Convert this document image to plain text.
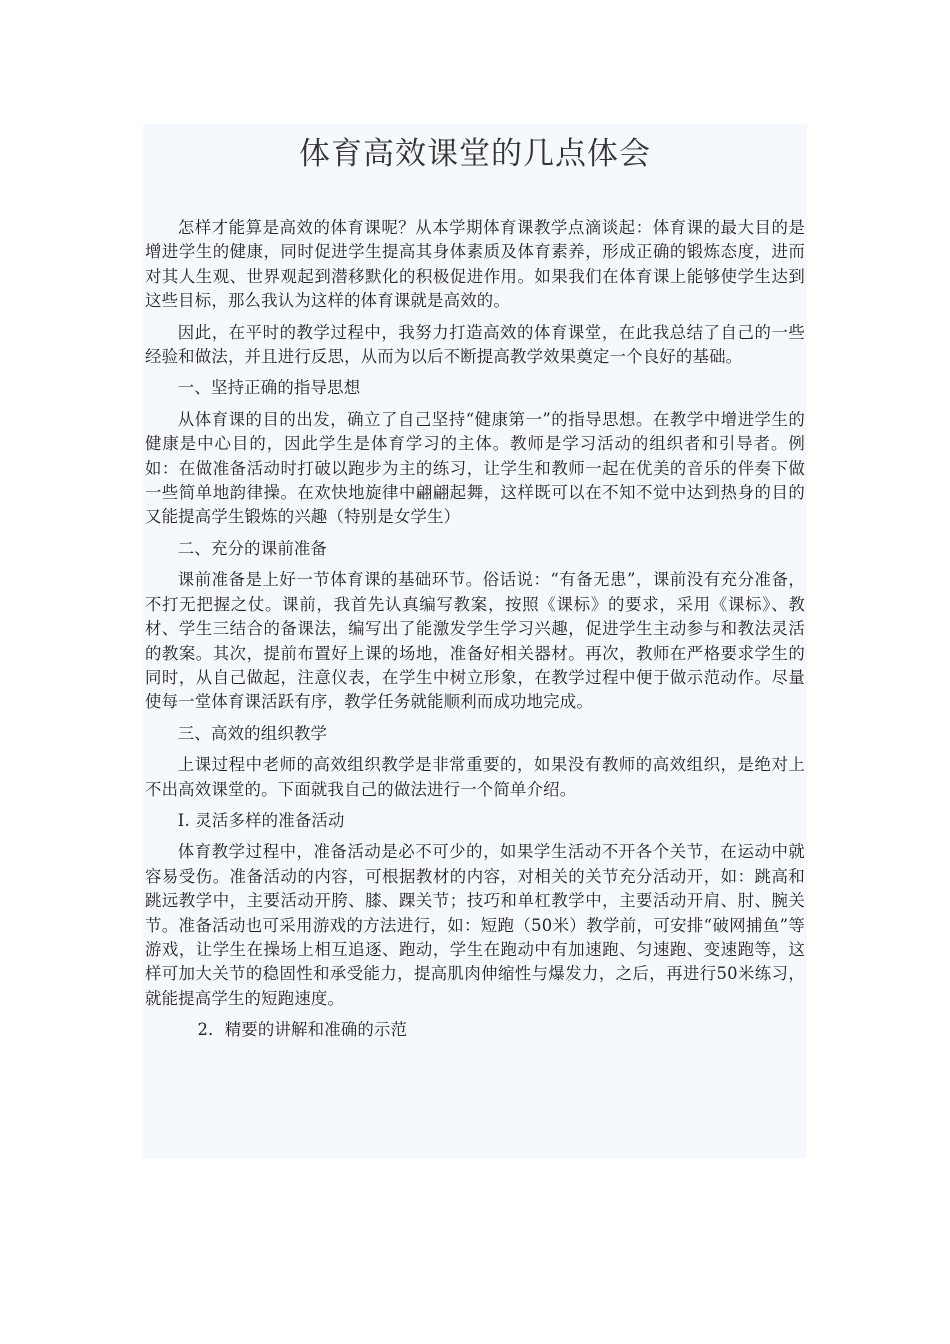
体育高效课堂的几点体会

怎样才能算是高效的体育课呢？从本学期体育课教学点滴谈起：体育课的最大目的是增进学生的健康，同时促进学生提高其身体素质及体育素养，形成正确的锻炼态度，进而对其人生观、世界观起到潜移默化的积极促进作用。如果我们在体育课上能够使学生达到这些目标，那么我认为这样的体育课就是高效的。

因此，在平时的教学过程中，我努力打造高效的体育课堂，在此我总结了自己的一些经验和做法，并且进行反思，从而为以后不断提高教学效果奠定一个良好的基础。

一、坚持正确的指导思想

从体育课的目的出发，确立了自己坚持“健康第一”的指导思想。在教学中增进学生的健康是中心目的，因此学生是体育学习的主体。教师是学习活动的组织者和引导者。例如：在做准备活动时打破以跑步为主的练习，让学生和教师一起在优美的音乐的伴奏下做一些简单地韵律操。在欢快地旋律中翩翩起舞，这样既可以在不知不觉中达到热身的目的又能提高学生锻炼的兴趣（特别是女学生）

二、充分的课前准备

课前准备是上好一节体育课的基础环节。俗话说：“有备无患”，课前没有充分准备，不打无把握之仗。课前，我首先认真编写教案，按照《课标》的要求，采用《课标》、教材、学生三结合的备课法，编写出了能激发学生学习兴趣，促进学生主动参与和教法灵活的教案。其次，提前布置好上课的场地，准备好相关器材。再次，教师在严格要求学生的同时，从自己做起，注意仪表，在学生中树立形象，在教学过程中便于做示范动作。尽量使每一堂体育课活跃有序，教学任务就能顺利而成功地完成。

三、高效的组织教学

上课过程中老师的高效组织教学是非常重要的，如果没有教师的高效组织，是绝对上不出高效课堂的。下面就我自己的做法进行一个简单介绍。

Ⅰ. 灵活多样的准备活动

体育教学过程中，准备活动是必不可少的，如果学生活动不开各个关节，在运动中就容易受伤。准备活动的内容，可根据教材的内容，对相关的关节充分活动开，如：跳高和跳远教学中，主要活动开胯、膝、踝关节；技巧和单杠教学中，主要活动开肩、肘、腕关节。准备活动也可采用游戏的方法进行，如：短跑（50米）教学前，可安排“破网捕鱼”等游戏，让学生在操场上相互追逐、跑动，学生在跑动中有加速跑、匀速跑、变速跑等，这样可加大关节的稳固性和承受能力，提高肌肉伸缩性与爆发力，之后，再进行50米练习，就能提高学生的短跑速度。

2．精要的讲解和准确的示范
